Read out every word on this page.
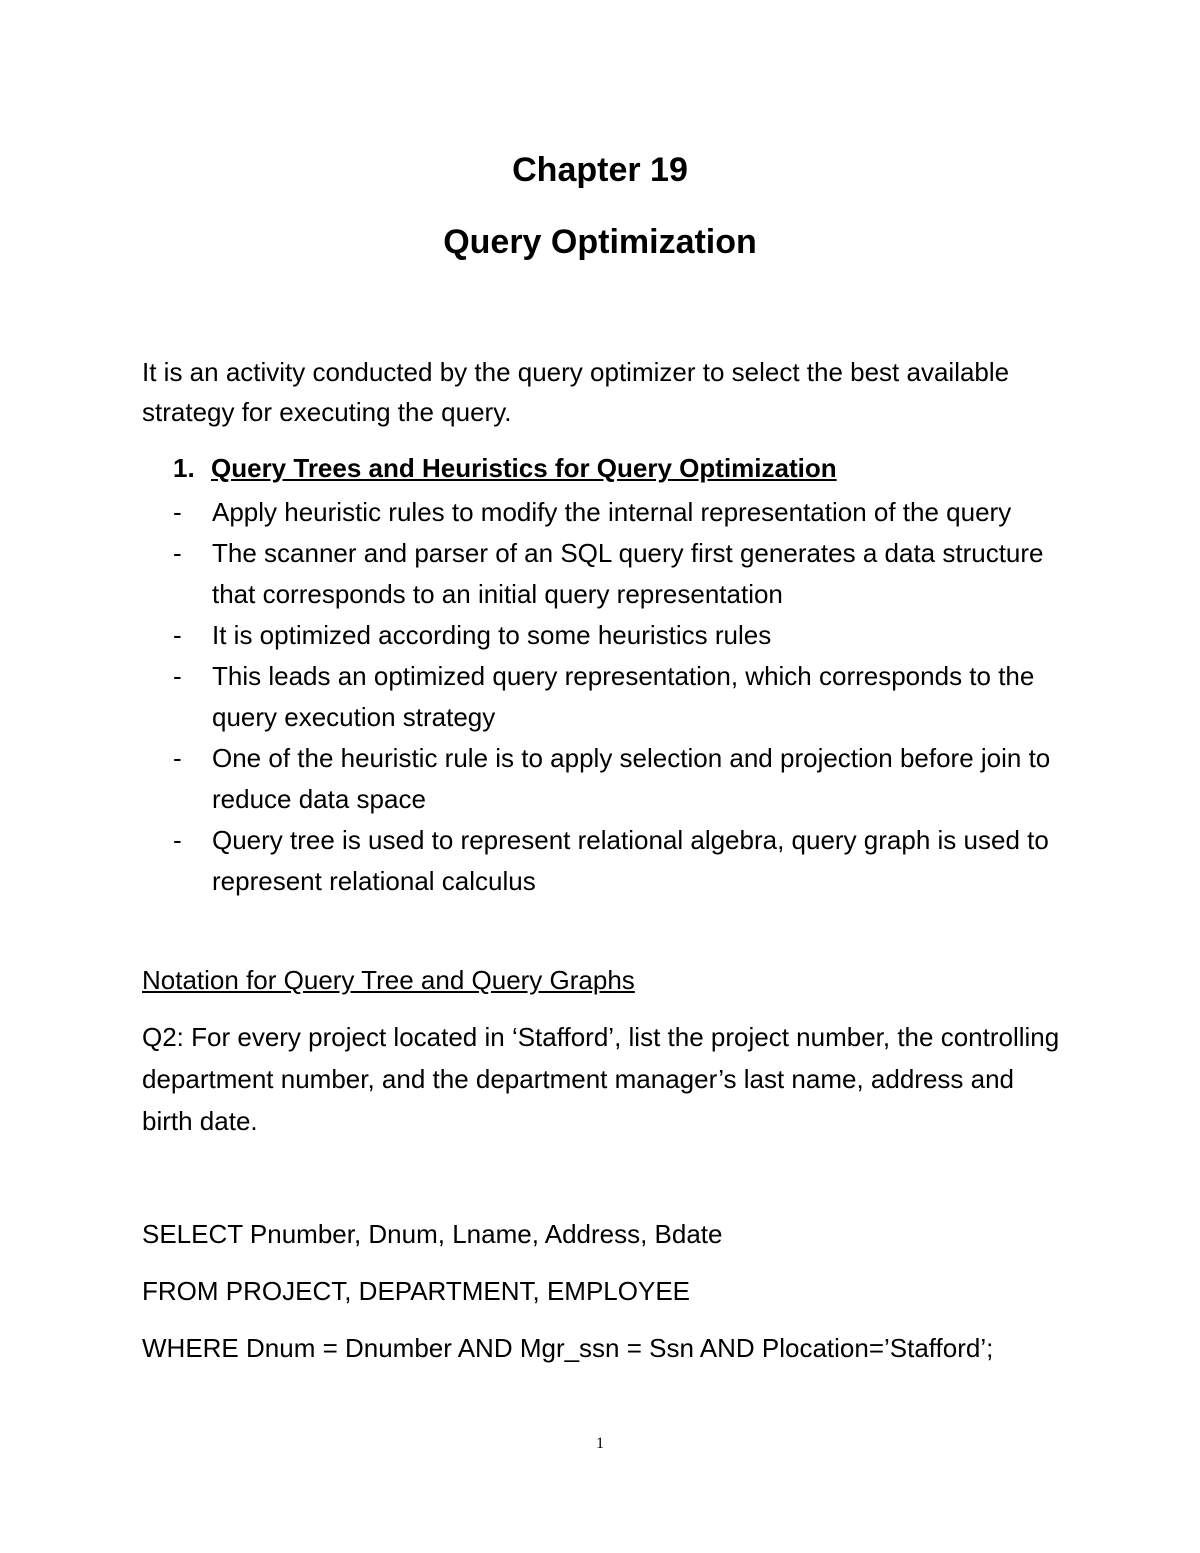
Chapter 19
Query Optimization
It is an activity conducted by the query optimizer to select the best available strategy for executing the query.
1. Query Trees and Heuristics for Query Optimization
- Apply heuristic rules to modify the internal representation of the query
- The scanner and parser of an SQL query first generates a data structure that corresponds to an initial query representation
- It is optimized according to some heuristics rules
- This leads an optimized query representation, which corresponds to the query execution strategy
- One of the heuristic rule is to apply selection and projection before join to reduce data space
- Query tree is used to represent relational algebra, query graph is used to represent relational calculus
Notation for Query Tree and Query Graphs
Q2: For every project located in ‘Stafford’, list the project number, the controlling department number, and the department manager’s last name, address and birth date.
SELECT Pnumber, Dnum, Lname, Address, Bdate
FROM PROJECT, DEPARTMENT, EMPLOYEE
WHERE Dnum = Dnumber AND Mgr_ssn = Ssn AND Plocation=’Stafford’;
1
